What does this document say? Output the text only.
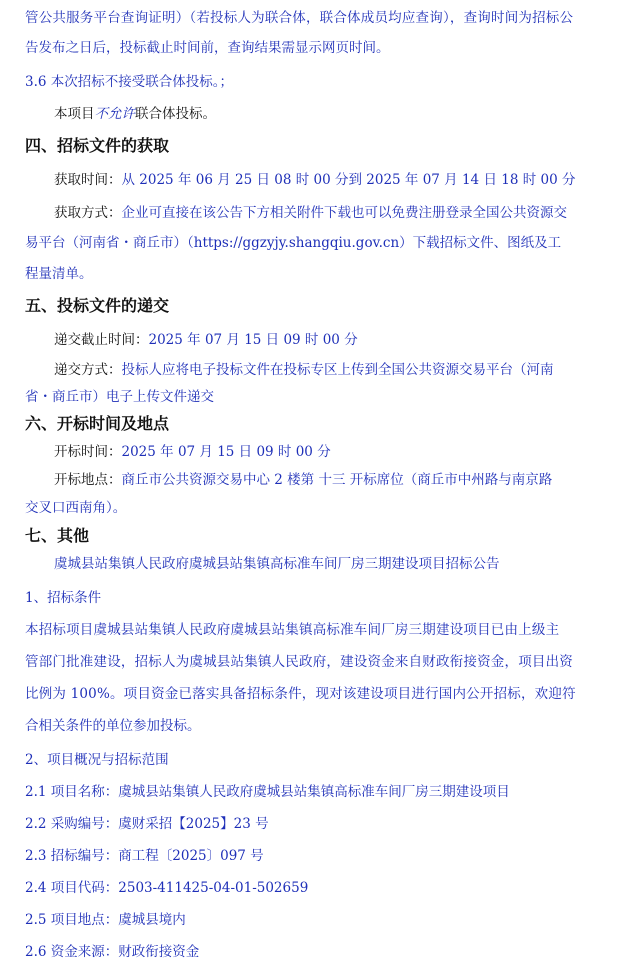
管公共服务平台查询证明）（若投标人为联合体，联合体成员均应查询），查询时间为招标公
告发布之日后，投标截止时间前，查询结果需显示网页时间。
3.6 本次招标不接受联合体投标。；
本项目不允许联合体投标。
四、招标文件的获取
获取时间：从 2025 年 06 月 25 日 08 时 00 分到 2025 年 07 月 14 日 18 时 00 分
获取方式：企业可直接在该公告下方相关附件下载也可以免费注册登录全国公共资源交
易平台（河南省・商丘市）（https://ggzyjy.shangqiu.gov.cn）下载招标文件、图纸及工
程量清单。
五、投标文件的递交
递交截止时间：2025 年 07 月 15 日 09 时 00 分
递交方式：投标人应将电子投标文件在投标专区上传到全国公共资源交易平台（河南
省・商丘市）电子上传文件递交
六、开标时间及地点
开标时间：2025 年 07 月 15 日 09 时 00 分
开标地点：商丘市公共资源交易中心 2 楼第 十三 开标席位（商丘市中州路与南京路
交叉口西南角）。
七、其他
虞城县站集镇人民政府虞城县站集镇高标准车间厂房三期建设项目招标公告
1、招标条件
本招标项目虞城县站集镇人民政府虞城县站集镇高标准车间厂房三期建设项目已由上级主
管部门批准建设，招标人为虞城县站集镇人民政府，建设资金来自财政衔接资金，项目出资
比例为 100%。项目资金已落实具备招标条件，现对该建设项目进行国内公开招标，欢迎符
合相关条件的单位参加投标。
2、项目概况与招标范围
2.1 项目名称：虞城县站集镇人民政府虞城县站集镇高标准车间厂房三期建设项目
2.2 采购编号：虞财采招【2025】23 号
2.3 招标编号：商工程〔2025〕097 号
2.4 项目代码：2503-411425-04-01-502659
2.5 项目地点：虞城县境内
2.6 资金来源：财政衔接资金
